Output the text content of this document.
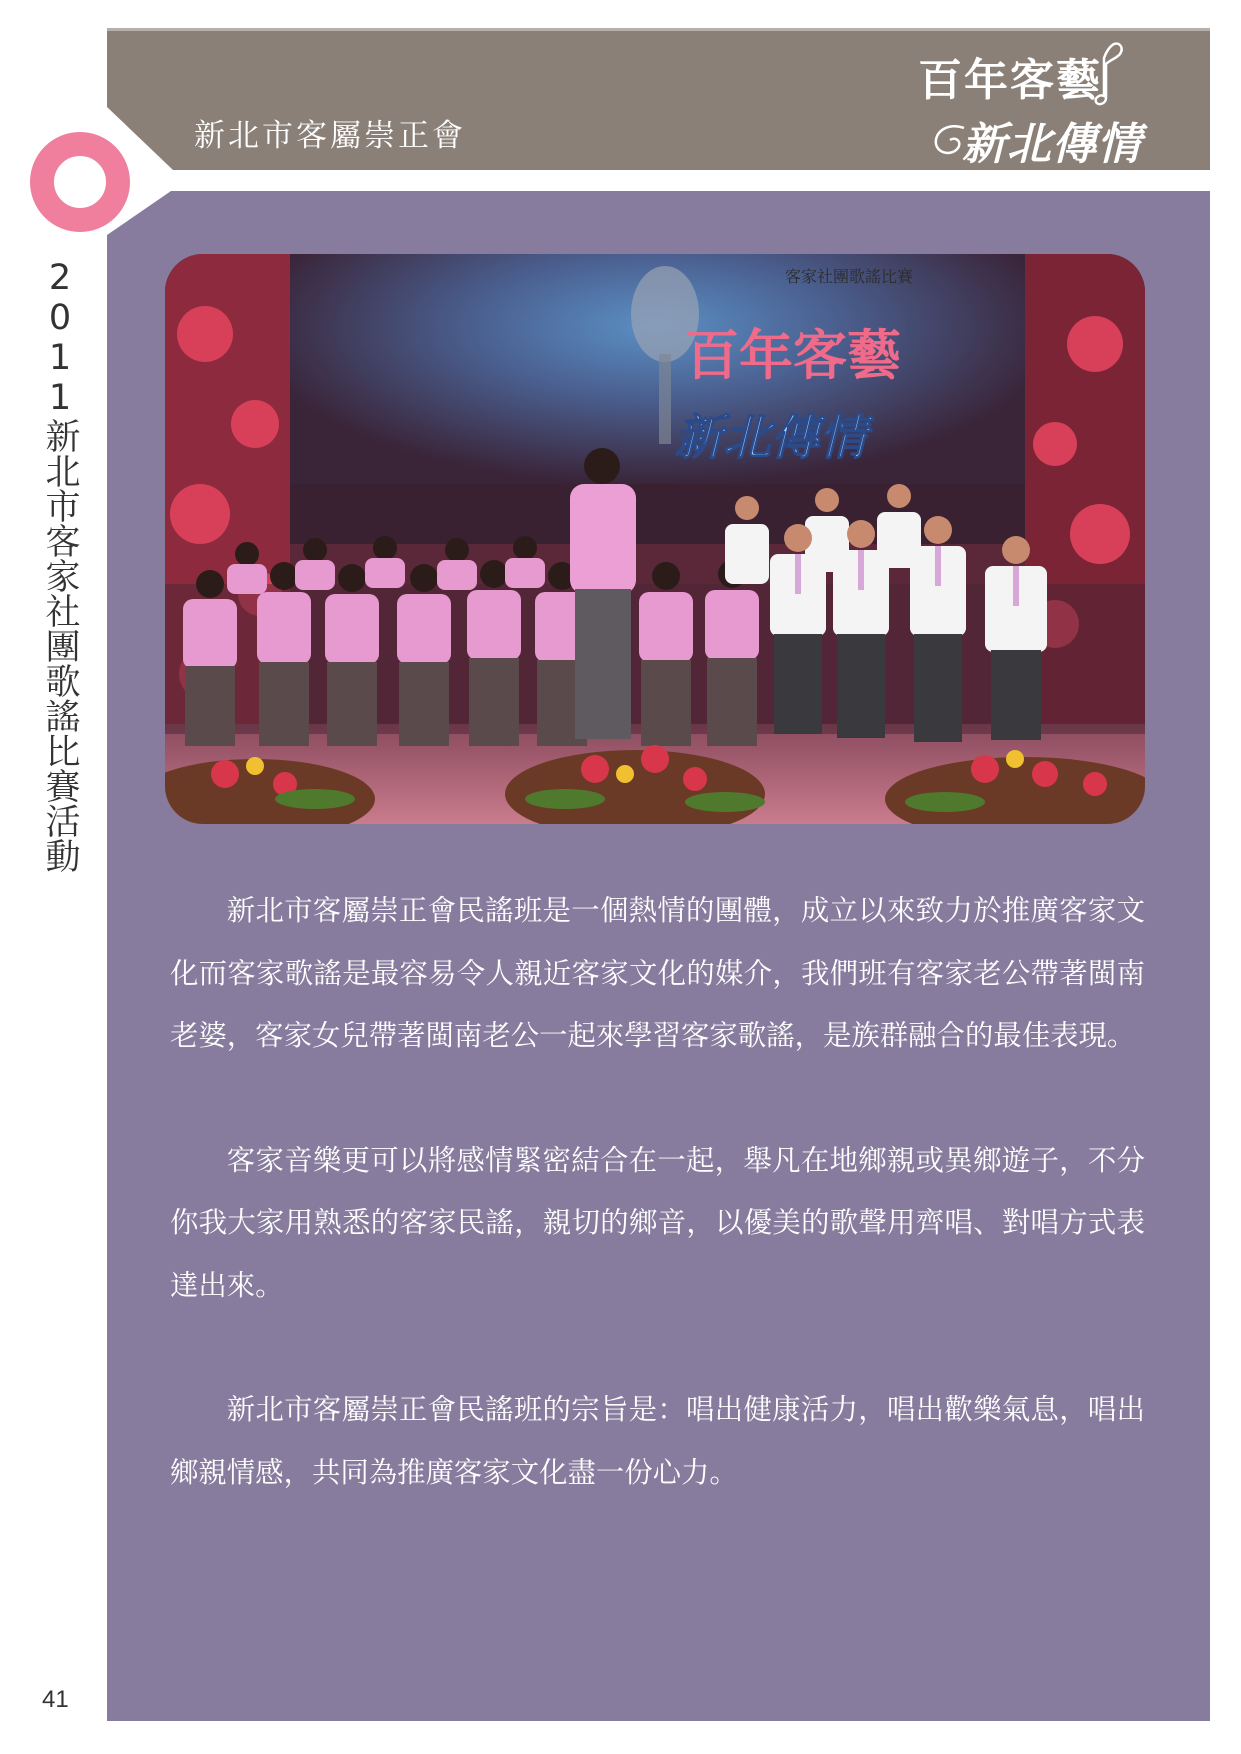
新北市客屬崇正會
百年客藝
新北傳情
2011新北市客家社團歌謠比賽活動	客家社團歌謠比賽
百年客藝
新北傳情

新北市客屬崇正會民謠班是一個熱情的團體，成立以來致力於推廣客家文化而客家歌謠是最容易令人親近客家文化的媒介，我們班有客家老公帶著閩南老婆，客家女兒帶著閩南老公一起來學習客家歌謠，是族群融合的最佳表現。

客家音樂更可以將感情緊密結合在一起，舉凡在地鄉親或異鄉遊子，不分你我大家用熟悉的客家民謠，親切的鄉音，以優美的歌聲用齊唱、對唱方式表達出來。

新北市客屬崇正會民謠班的宗旨是：唱出健康活力，唱出歡樂氣息，唱出鄉親情感，共同為推廣客家文化盡一份心力。

41
